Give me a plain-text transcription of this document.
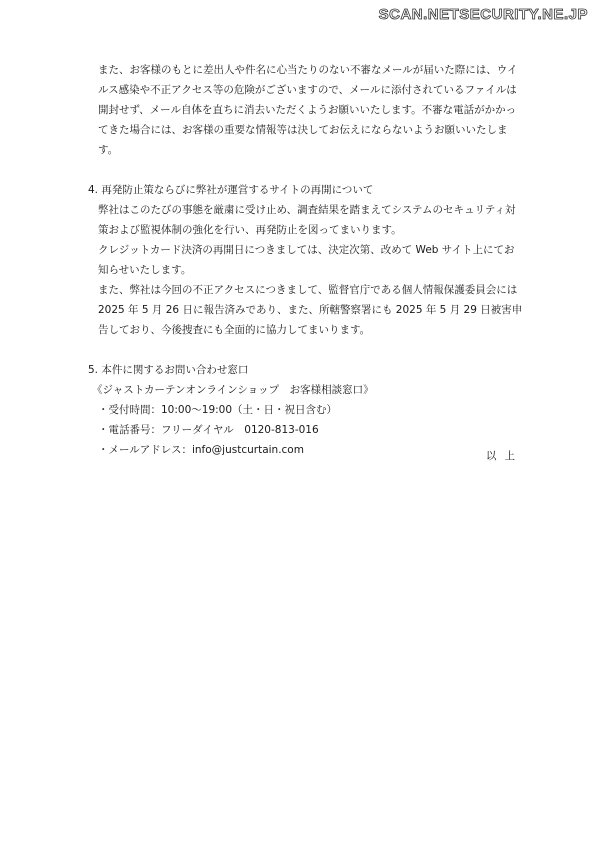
SCAN.NETSECURITY.NE.JP

また、お客様のもとに差出人や件名に心当たりのない不審なメールが届いた際には、ウイルス感染や不正アクセス等の危険がございますので、メールに添付されているファイルは開封せず、メール自体を直ちに消去いただくようお願いいたします。不審な電話がかかってきた場合には、お客様の重要な情報等は決してお伝えにならないようお願いいたします。

4. 再発防止策ならびに弊社が運営するサイトの再開について

弊社はこのたびの事態を厳粛に受け止め、調査結果を踏まえてシステムのセキュリティ対策および監視体制の強化を行い、再発防止を図ってまいります。

クレジットカード決済の再開日につきましては、決定次第、改めて Web サイト上にてお知らせいたします。

また、弊社は今回の不正アクセスにつきまして、監督官庁である個人情報保護委員会には 2025 年 5 月 26 日に報告済みであり、また、所轄警察署にも 2025 年 5 月 29 日被害申告しており、今後捜査にも全面的に協力してまいります。

5. 本件に関するお問い合わせ窓口

《ジャストカーテンオンラインショップ　お客様相談窓口》

・受付時間：10:00～19:00（土・日・祝日含む）

・電話番号：フリーダイヤル　0120-813-016

・メールアドレス：info@justcurtain.com	以上
